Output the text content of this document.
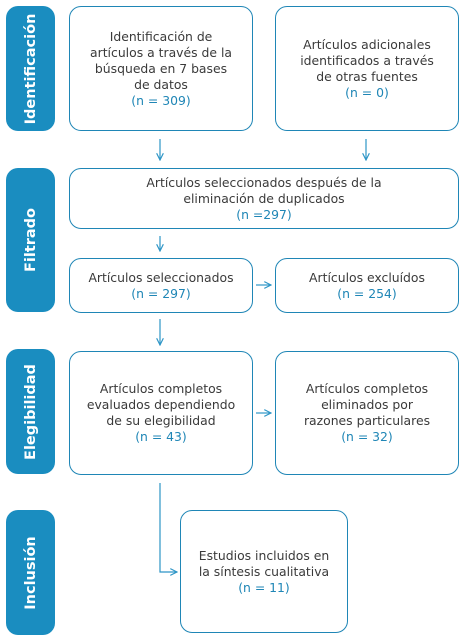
Identificación
Filtrado
Elegibilidad
Inclusión
Identificación de
artículos a través de la
búsqueda en 7 bases
de datos
(n = 309)
Artículos adicionales
identificados a través
de otras fuentes
(n = 0)
Artículos seleccionados después de la
eliminación de duplicados
(n =297)
Artículos seleccionados
(n = 297)
Artículos excluídos
(n = 254)
Artículos completos
evaluados dependiendo
de su elegibilidad
(n = 43)
Artículos completos
eliminados por
razones particulares
(n = 32)
Estudios incluidos en
la síntesis cualitativa
(n = 11)
